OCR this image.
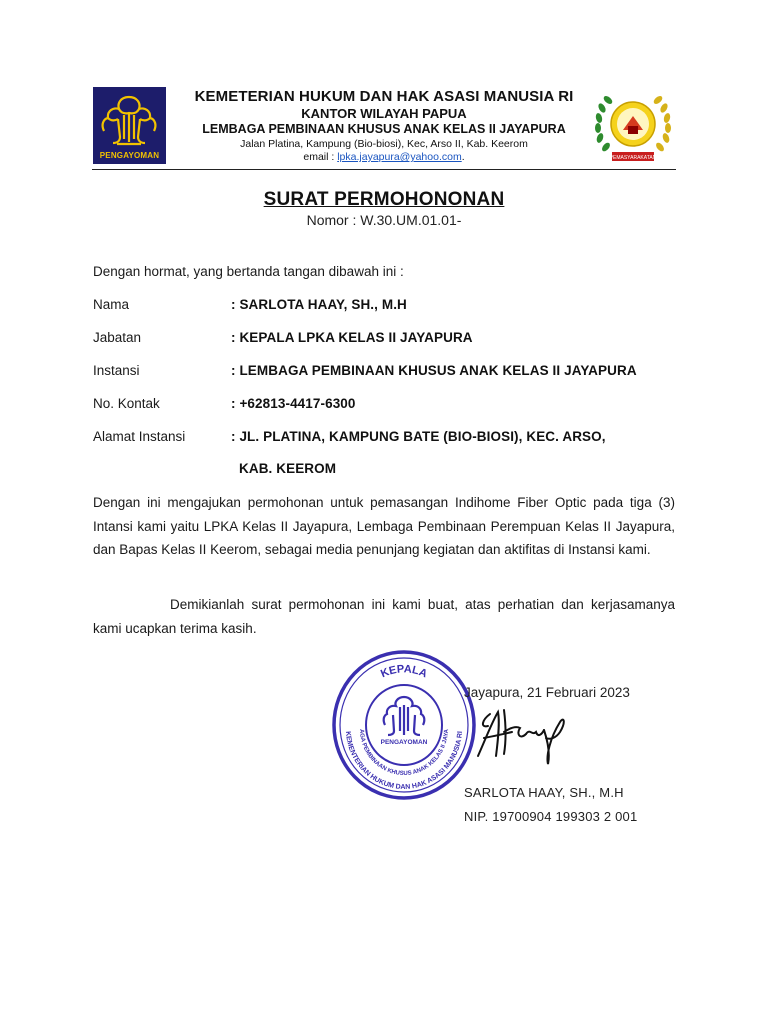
PENGAYOMAN	PEMASYARAKATAN
KEMETERIAN HUKUM DAN HAK ASASI MANUSIA RI
KANTOR WILAYAH PAPUA
LEMBAGA PEMBINAAN KHUSUS ANAK KELAS II JAYAPURA
Jalan Platina, Kampung (Bio-biosi), Kec, Arso II, Kab. Keerom
email : lpka.jayapura@yahoo.com.
SURAT PERMOHONONAN
Nomor : W.30.UM.01.01-
Dengan hormat, yang bertanda tangan dibawah ini :
Nama	: SARLOTA HAAY, SH., M.H
Jabatan	: KEPALA LPKA KELAS II JAYAPURA
Instansi	: LEMBAGA PEMBINAAN KHUSUS ANAK KELAS II JAYAPURA
No. Kontak	: +62813-4417-6300
Alamat Instansi	: JL. PLATINA, KAMPUNG BATE (BIO-BIOSI), KEC. ARSO,
KAB. KEEROM
Dengan ini mengajukan permohonan untuk pemasangan Indihome Fiber Optic pada tiga (3) Intansi kami yaitu LPKA Kelas II Jayapura, Lembaga Pembinaan Perempuan Kelas II Jayapura, dan Bapas Kelas II Keerom, sebagai media penunjang kegiatan dan aktifitas di Instansi kami.
Demikianlah surat permohonan ini kami buat, atas perhatian dan kerjasamanya kami ucapkan terima kasih.
KEPALA
KEMENTERIAN HUKUM DAN HAK ASASI MANUSIA RI
AGA PEMBINAAN KHUSUS ANAK KELAS II JAYA
PENGAYOMAN
Jayapura, 21 Februari 2023
SARLOTA HAAY, SH., M.H
NIP. 19700904 199303 2 001
